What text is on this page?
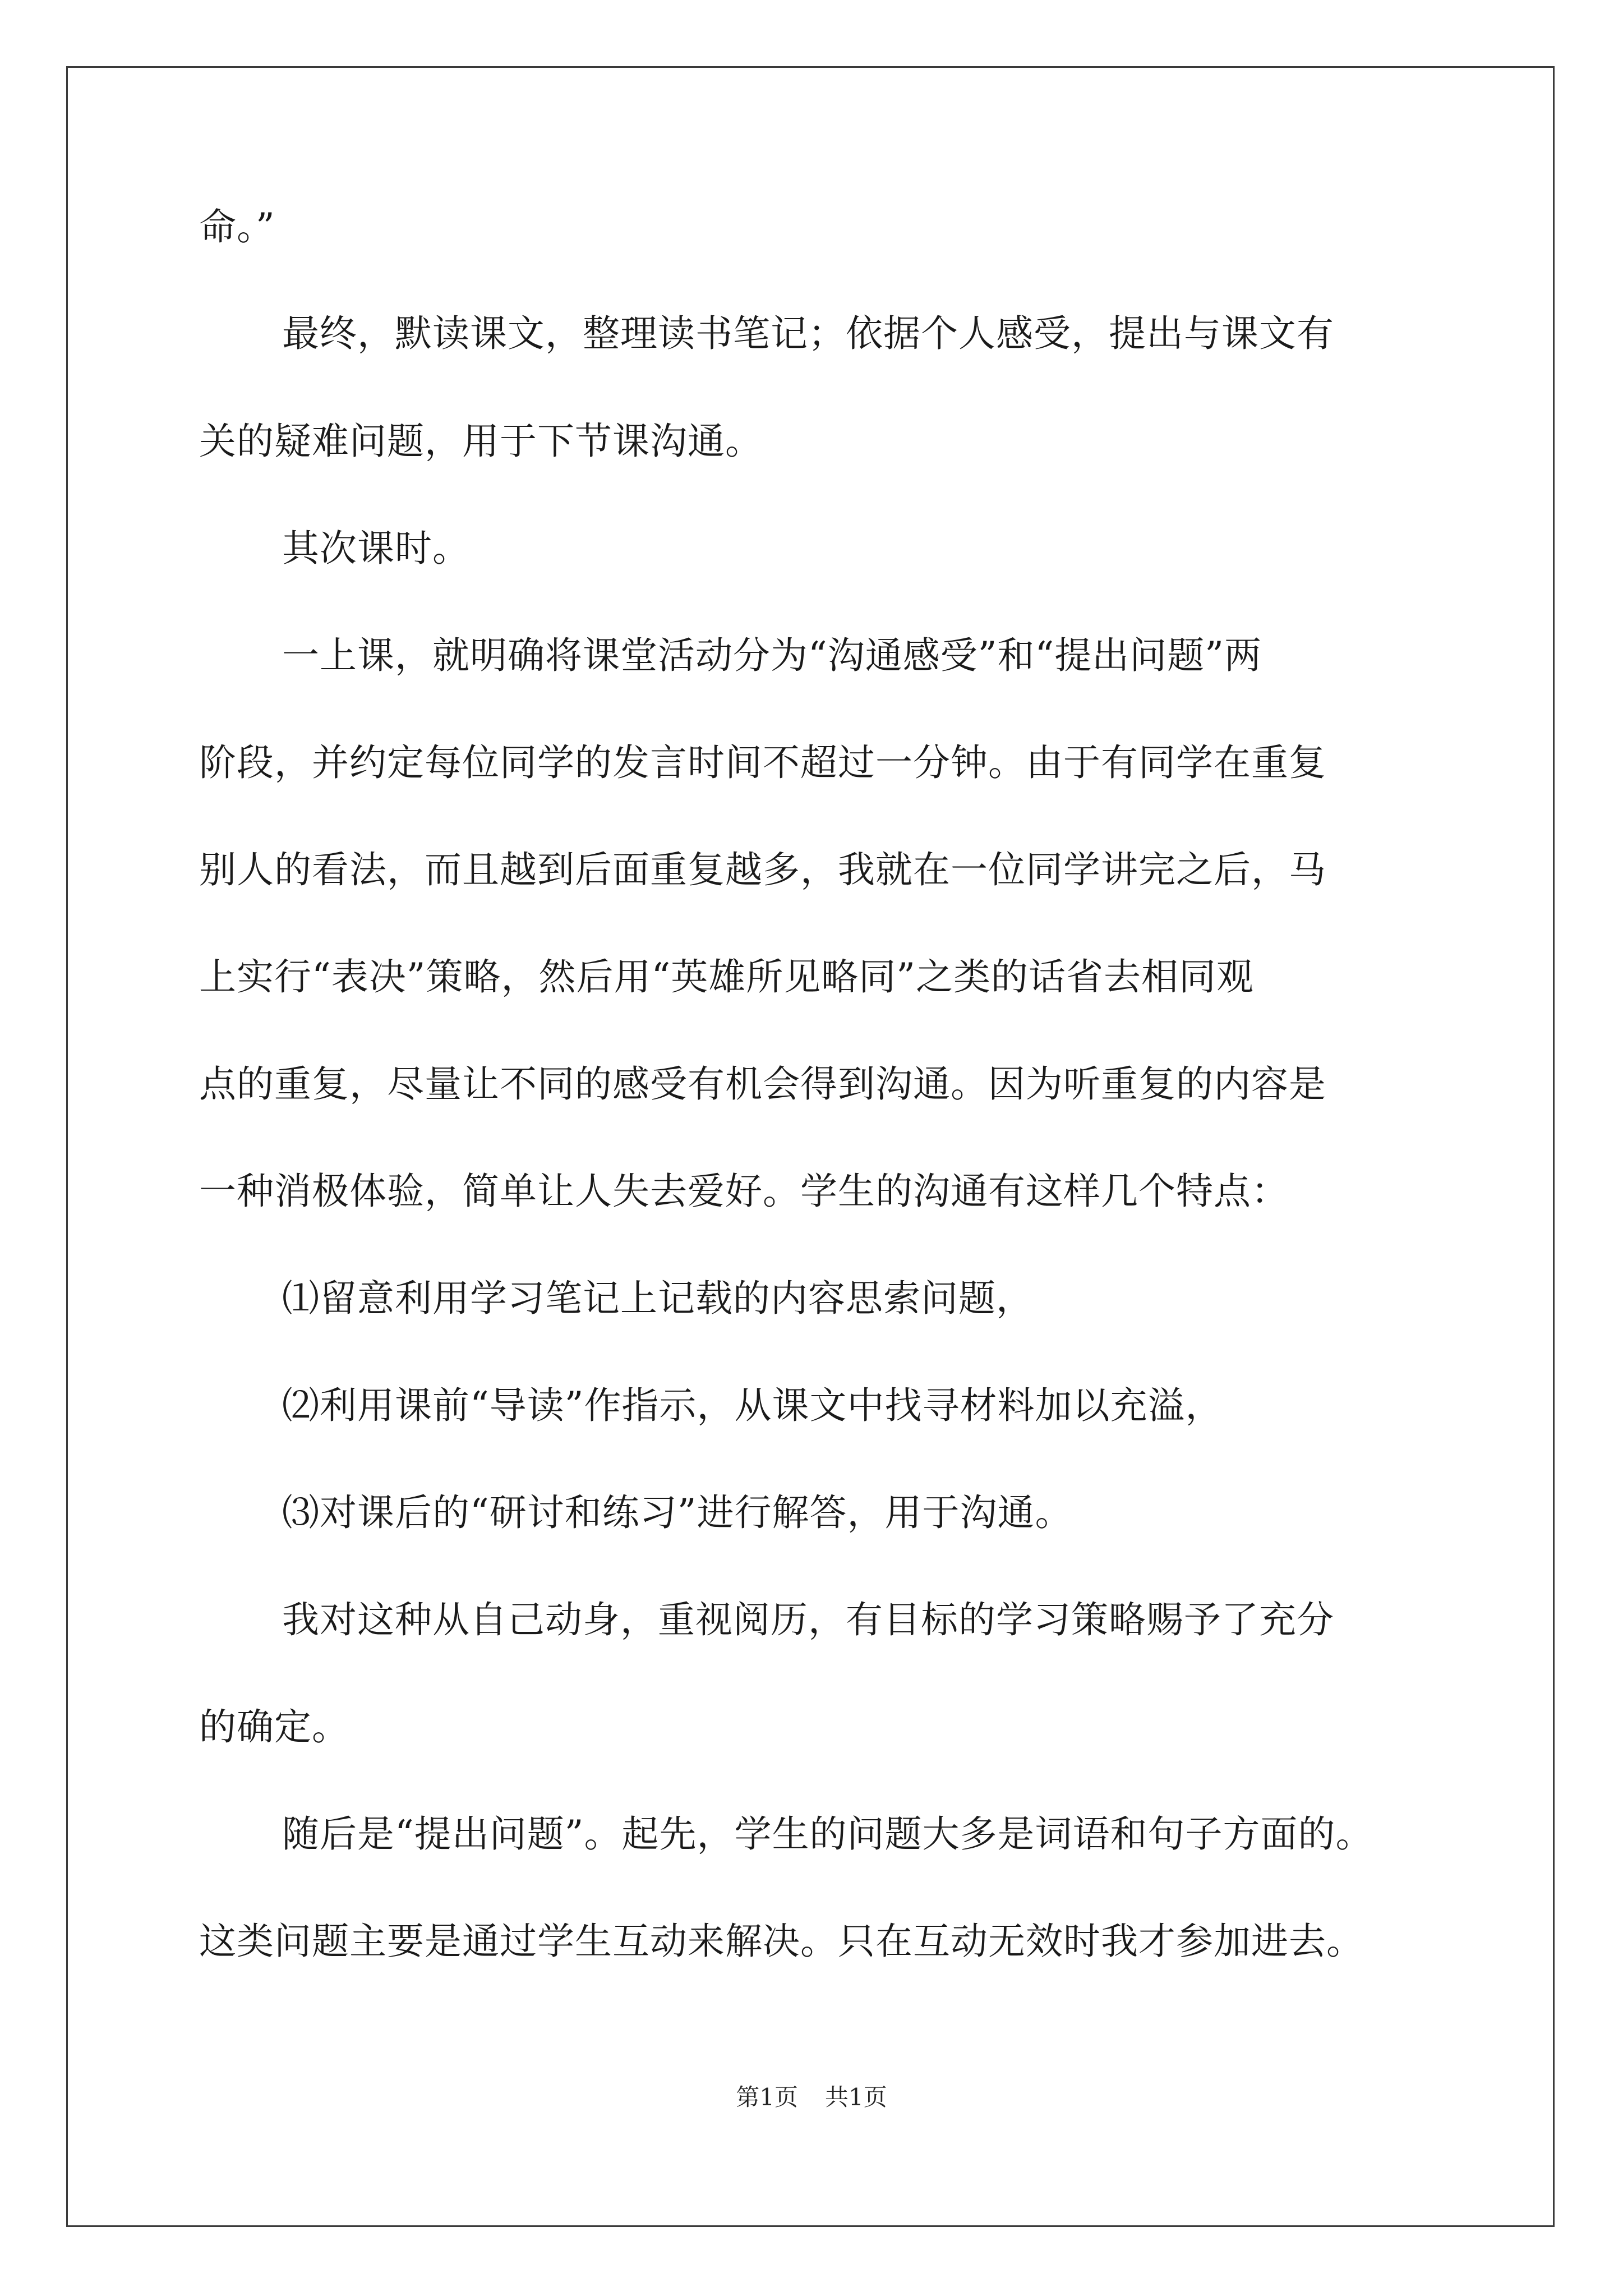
命。”
最终，默读课文，整理读书笔记；依据个人感受，提出与课文有
关的疑难问题，用于下节课沟通。
其次课时。
一上课，就明确将课堂活动分为“沟通感受”和“提出问题”两
阶段，并约定每位同学的发言时间不超过一分钟。由于有同学在重复
别人的看法，而且越到后面重复越多，我就在一位同学讲完之后，马
上实行“表决”策略，然后用“英雄所见略同”之类的话省去相同观
点的重复，尽量让不同的感受有机会得到沟通。因为听重复的内容是
一种消极体验，简单让人失去爱好。学生的沟通有这样几个特点：
⑴留意利用学习笔记上记载的内容思索问题，
⑵利用课前“导读”作指示，从课文中找寻材料加以充溢，
⑶对课后的“研讨和练习”进行解答，用于沟通。
我对这种从自己动身，重视阅历，有目标的学习策略赐予了充分
的确定。
随后是“提出问题”。起先，学生的问题大多是词语和句子方面的。
这类问题主要是通过学生互动来解决。只在互动无效时我才参加进去。
第1页 共1页
